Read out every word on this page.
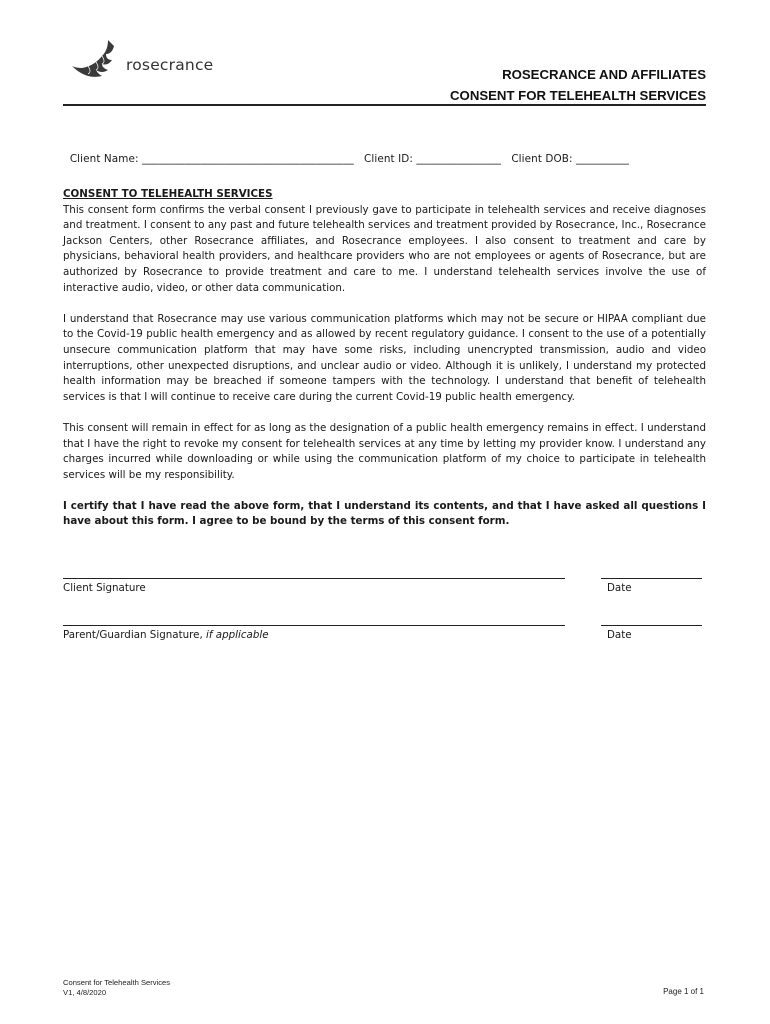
rosecrance
ROSECRANCE AND AFFILIATES
CONSENT FOR TELEHEALTH SERVICES

Client Name: ________________________________________ Client ID: ________________ Client DOB: __________

CONSENT TO TELEHEALTH SERVICES

This consent form confirms the verbal consent I previously gave to participate in telehealth services and receive diagnoses and treatment. I consent to any past and future telehealth services and treatment provided by Rosecrance, Inc., Rosecrance Jackson Centers, other Rosecrance affiliates, and Rosecrance employees. I also consent to treatment and care by physicians, behavioral health providers, and healthcare providers who are not employees or agents of Rosecrance, but are authorized by Rosecrance to provide treatment and care to me. I understand telehealth services involve the use of interactive audio, video, or other data communication.

I understand that Rosecrance may use various communication platforms which may not be secure or HIPAA compliant due to the Covid-19 public health emergency and as allowed by recent regulatory guidance. I consent to the use of a potentially unsecure communication platform that may have some risks, including unencrypted transmission, audio and video interruptions, other unexpected disruptions, and unclear audio or video. Although it is unlikely, I understand my protected health information may be breached if someone tampers with the technology. I understand that benefit of telehealth services is that I will continue to receive care during the current Covid-19 public health emergency.

This consent will remain in effect for as long as the designation of a public health emergency remains in effect. I understand that I have the right to revoke my consent for telehealth services at any time by letting my provider know. I understand any charges incurred while downloading or while using the communication platform of my choice to participate in telehealth services will be my responsibility.

I certify that I have read the above form, that I understand its contents, and that I have asked all questions I have about this form. I agree to be bound by the terms of this consent form.

Client Signature	Date
Parent/Guardian Signature, if applicable	Date
Consent for Telehealth Services
V1, 4/8/2020	Page 1 of 1
